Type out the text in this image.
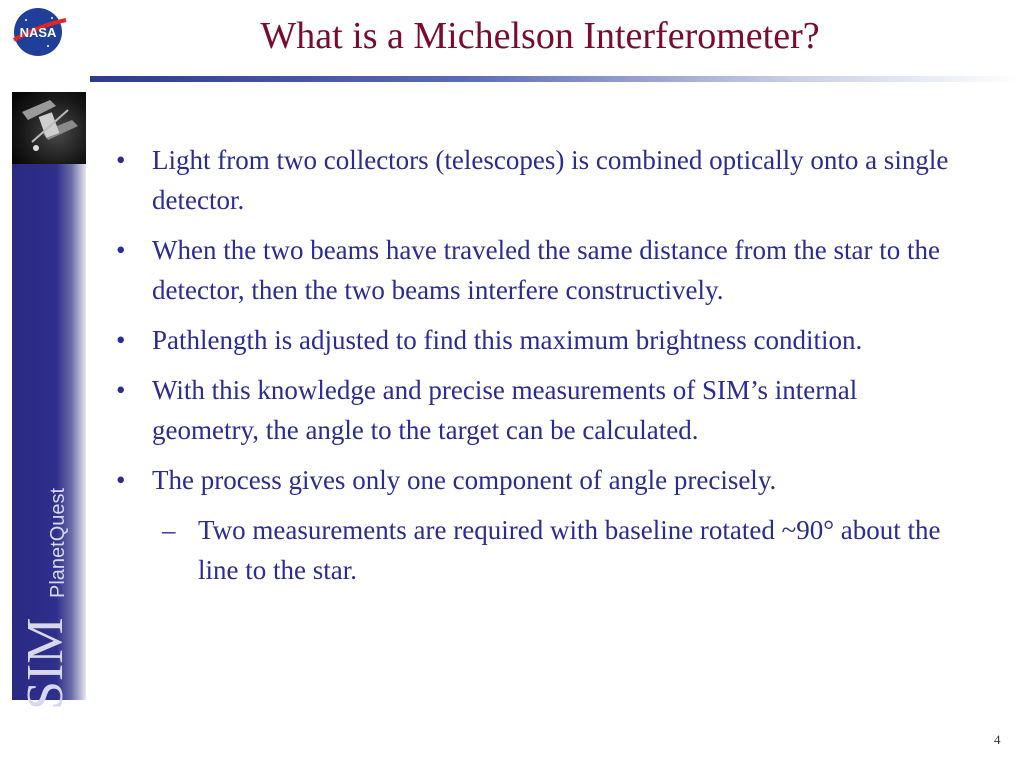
NASA	What is a Michelson Interferometer?
SIM
PlanetQuest
• Light from two collectors (telescopes) is combined optically onto a single detector.
• When the two beams have traveled the same distance from the star to the detector, then the two beams interfere constructively.
• Pathlength is adjusted to find this maximum brightness condition.
• With this knowledge and precise measurements of SIM’s internal geometry, the angle to the target can be calculated.
• The process gives only one component of angle precisely.
– Two measurements are required with baseline rotated ~90° about the line to the star.
4
